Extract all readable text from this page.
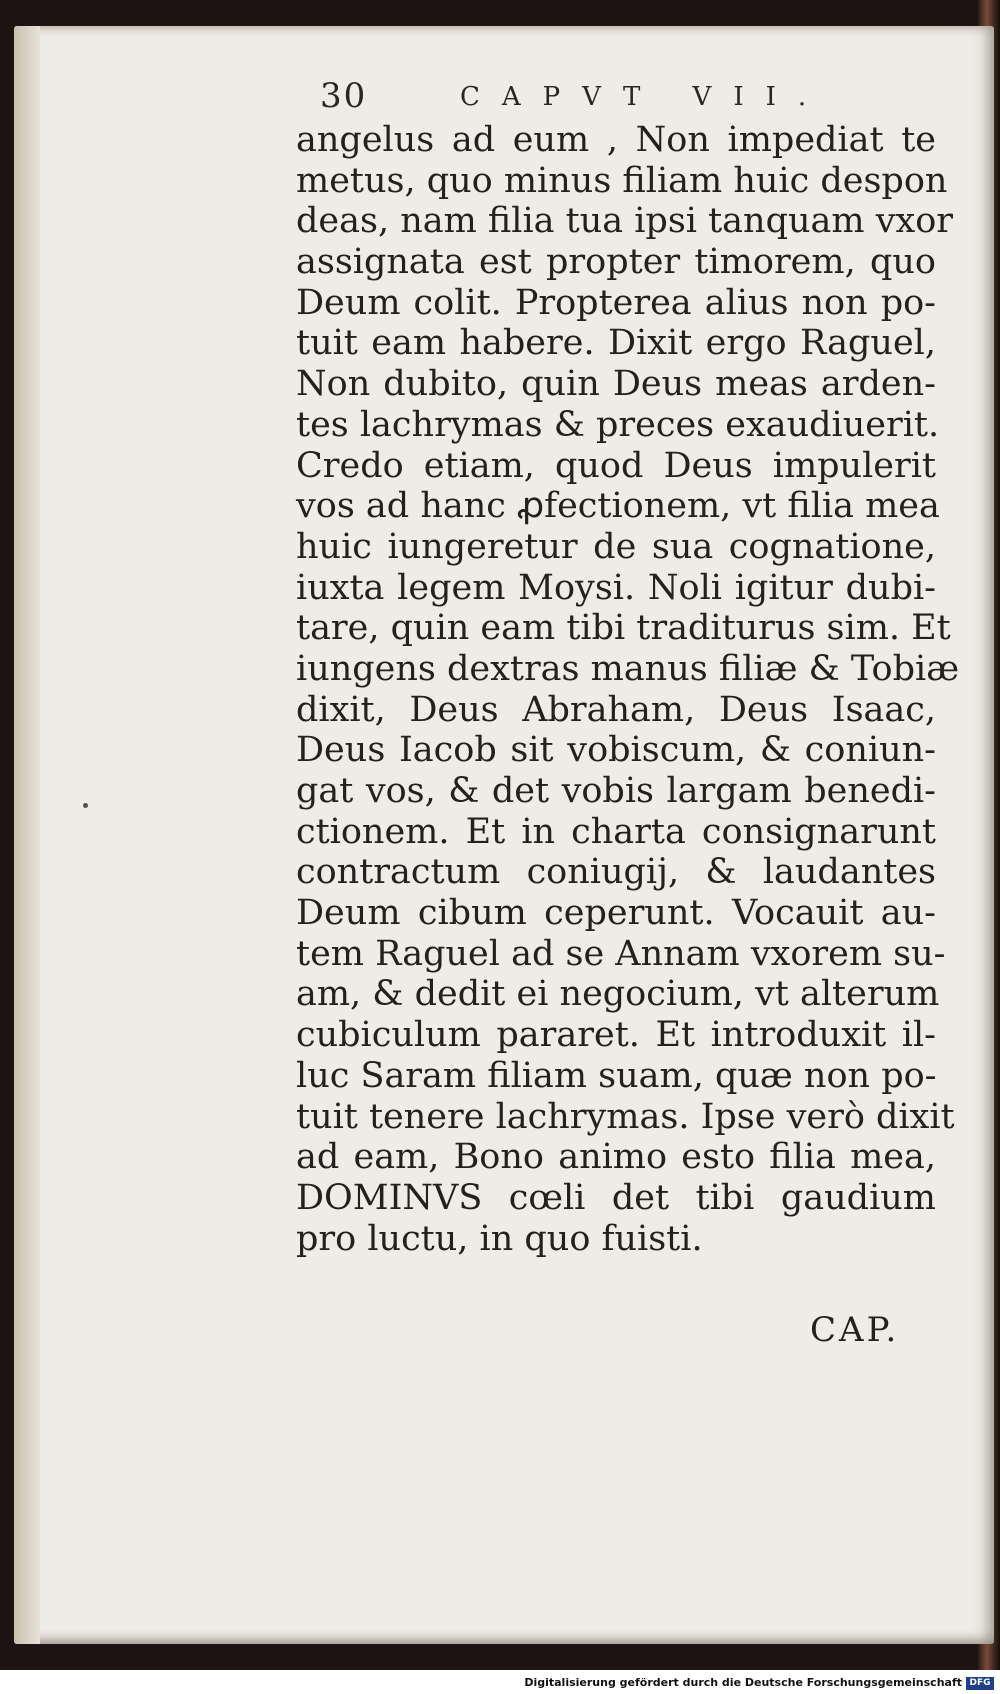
30	CAPVT VII.
angelus ad eum , Non impediat te
metus, quo minus filiam huic despon
deas, nam filia tua ipsi tanquam vxor
assignata est propter timorem, quo
Deum colit. Propterea alius non po-
tuit eam habere. Dixit ergo Raguel,
Non dubito, quin Deus meas arden-
tes lachrymas & preces exaudiuerit.
Credo etiam, quod Deus impulerit
vos ad hanc ꝓfectionem, vt filia mea
huic iungeretur de sua cognatione,
iuxta legem Moysi. Noli igitur dubi-
tare, quin eam tibi traditurus sim. Et
iungens dextras manus filiæ & Tobiæ
dixit, Deus Abraham, Deus Isaac,
Deus Iacob sit vobiscum, & coniun-
gat vos, & det vobis largam benedi-
ctionem. Et in charta consignarunt
contractum coniugij, & laudantes
Deum cibum ceperunt. Vocauit au-
tem Raguel ad se Annam vxorem su-
am, & dedit ei negocium, vt alterum
cubiculum pararet. Et introduxit il-
luc Saram filiam suam, quæ non po-
tuit tenere lachrymas. Ipse verò dixit
ad eam, Bono animo esto filia mea,
DOMINVS cœli det tibi gaudium
pro luctu, in quo fuisti.
CAP.
Digitalisierung gefördert durch die Deutsche Forschungsgemeinschaft DFG
